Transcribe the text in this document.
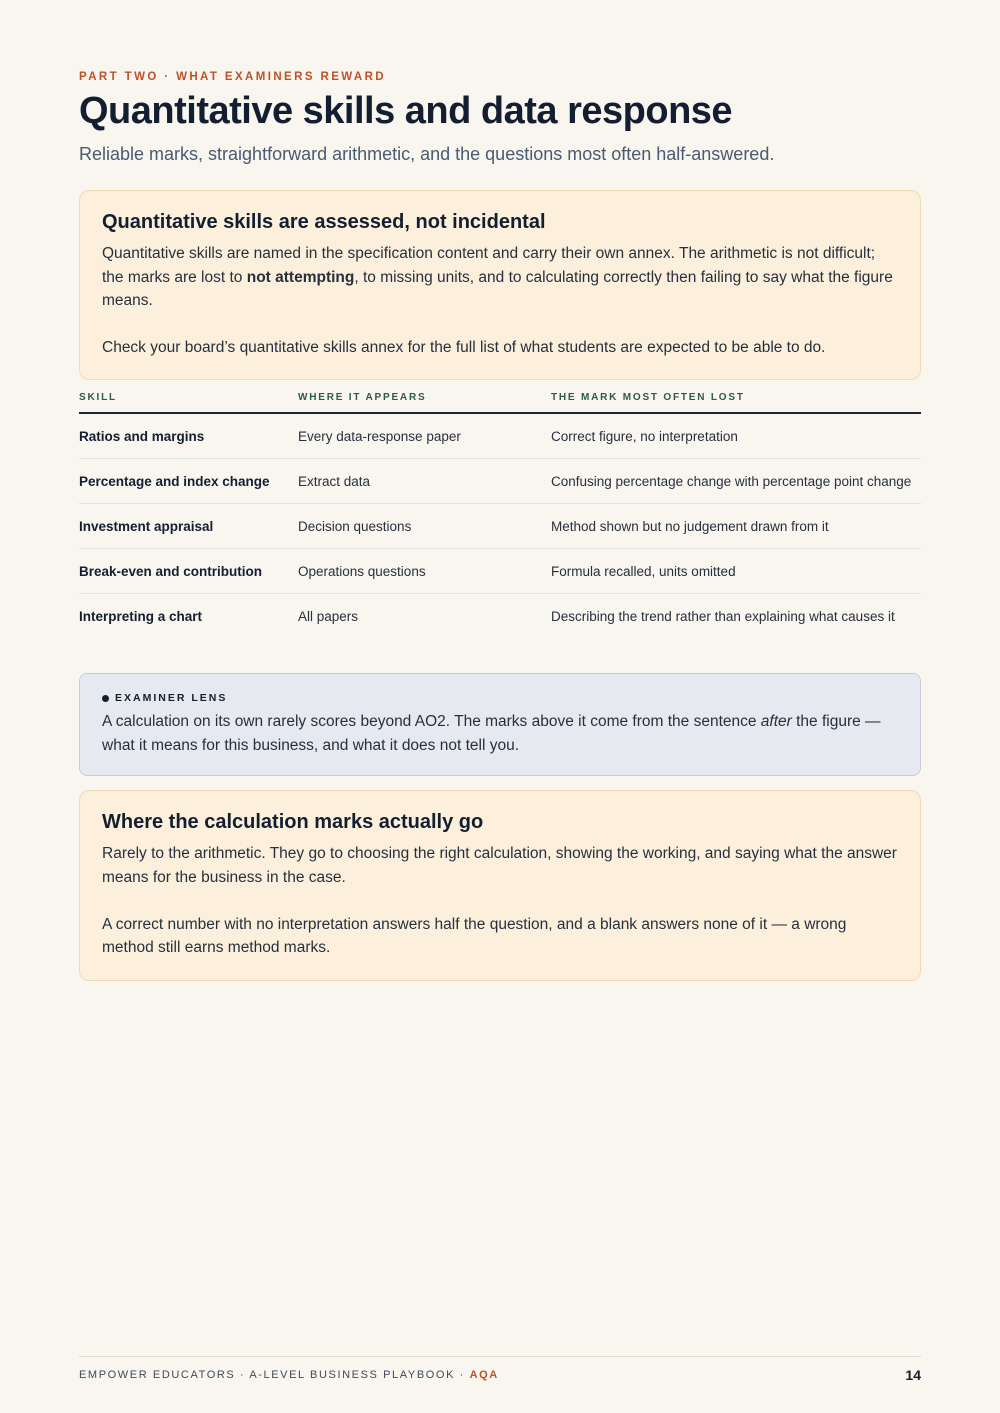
PART TWO · WHAT EXAMINERS REWARD
Quantitative skills and data response
Reliable marks, straightforward arithmetic, and the questions most often half-answered.
Quantitative skills are assessed, not incidental

Quantitative skills are named in the specification content and carry their own annex. The arithmetic is not difficult; the marks are lost to not attempting, to missing units, and to calculating correctly then failing to say what the figure means.

Check your board’s quantitative skills annex for the full list of what students are expected to be able to do.

SKILL	WHERE IT APPEARS	THE MARK MOST OFTEN LOST
Ratios and margins	Every data-response paper	Correct figure, no interpretation
Percentage and index change	Extract data	Confusing percentage change with percentage point change
Investment appraisal	Decision questions	Method shown but no judgement drawn from it
Break-even and contribution	Operations questions	Formula recalled, units omitted
Interpreting a chart	All papers	Describing the trend rather than explaining what causes it
EXAMINER LENS

A calculation on its own rarely scores beyond AO2. The marks above it come from the sentence after the figure — what it means for this business, and what it does not tell you.

Where the calculation marks actually go

Rarely to the arithmetic. They go to choosing the right calculation, showing the working, and saying what the answer means for the business in the case.

A correct number with no interpretation answers half the question, and a blank answers none of it — a wrong method still earns method marks.

EMPOWER EDUCATORS · A-LEVEL BUSINESS PLAYBOOK · AQA	14
